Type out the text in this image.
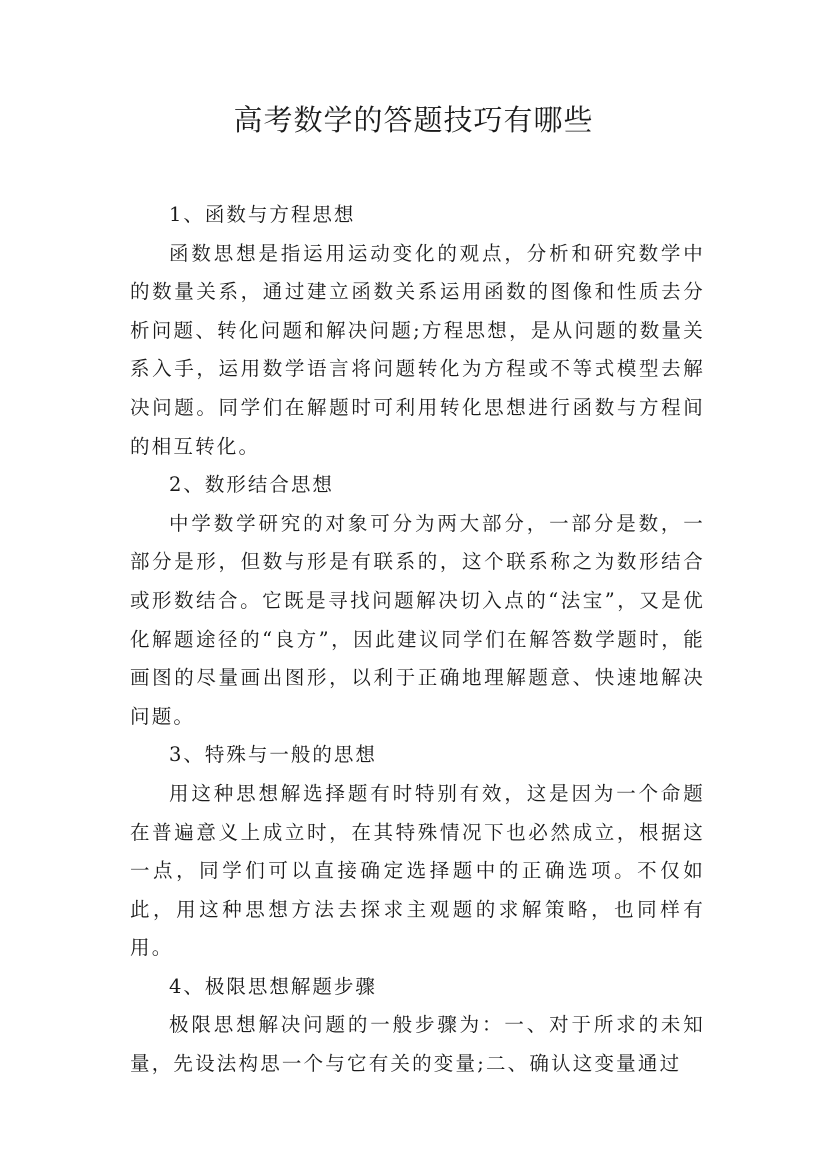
高考数学的答题技巧有哪些

1、函数与方程思想

函数思想是指运用运动变化的观点，分析和研究数学中的数量关系，通过建立函数关系运用函数的图像和性质去分析问题、转化问题和解决问题;方程思想，是从问题的数量关系入手，运用数学语言将问题转化为方程或不等式模型去解决问题。同学们在解题时可利用转化思想进行函数与方程间的相互转化。

2、数形结合思想

中学数学研究的对象可分为两大部分，一部分是数，一部分是形，但数与形是有联系的，这个联系称之为数形结合或形数结合。它既是寻找问题解决切入点的“法宝”，又是优化解题途径的“良方”，因此建议同学们在解答数学题时，能画图的尽量画出图形，以利于正确地理解题意、快速地解决问题。

3、特殊与一般的思想

用这种思想解选择题有时特别有效，这是因为一个命题在普遍意义上成立时，在其特殊情况下也必然成立，根据这一点，同学们可以直接确定选择题中的正确选项。不仅如此，用这种思想方法去探求主观题的求解策略，也同样有用。

4、极限思想解题步骤

极限思想解决问题的一般步骤为：一、对于所求的未知量，先设法构思一个与它有关的变量;二、确认这变量通过
